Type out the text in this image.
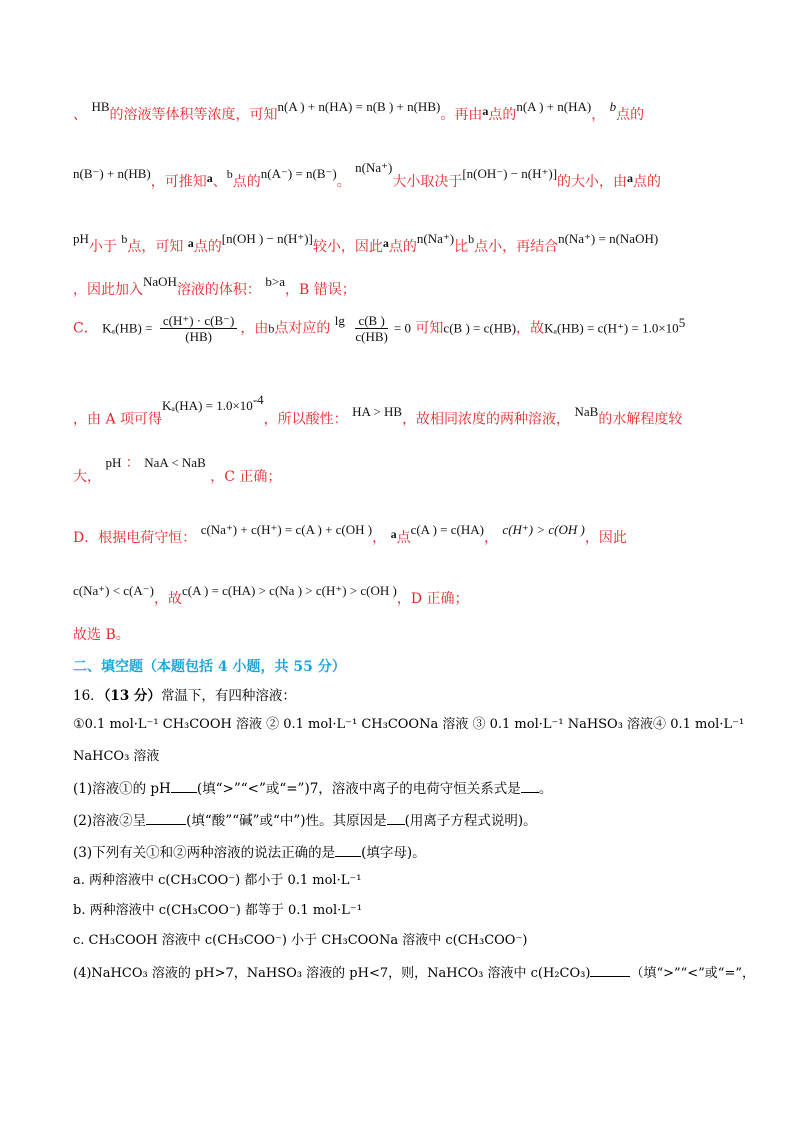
、 HB的溶液等体积等浓度，可知n(A ) + n(HA) = n(B ) + n(HB)。再由a点的n(A ) + n(HA)， b点的
n(B⁻) + n(HB)，可推知a、b点的n(A⁻) = n(B⁻)。 n(Na⁺)大小取决于[n(OH⁻) − n(H⁺)]的大小，由a点的
pH小于 b点，可知 a点的[n(OH ) − n(H⁺)]较小，因此a点的n(Na⁺)比b点小，再结合n(Na⁺) = n(NaOH)
，因此加入NaOH溶液的体积： b>a，B 错误；
C． $K_a(HB) = \frac{c(H^+) \cdot c(B^-)}{(HB)}$ ，由b点对应的 $\lg \frac{c(B )}{c(HB)} = 0$ 可知c(B ) = c(HB)，故$K_a(HB) = c(H^+) = 1.0\times 10^5$
，由 A 项可得$K_a(HA) = 1.0\times 10^{-4}$，所以酸性： HA > HB，故相同浓度的两种溶液， NaB的水解程度较
大， pH ： NaA < NaB ，C 正确；
D．根据电荷守恒： c(Na⁺) + c(H⁺) = c(A ) + c(OH )， a点c(A ) = c(HA)， c(H⁺) > c(OH )，因此
c(Na⁺) < c(A⁻)，故c(A ) = c(HA) > c(Na ) > c(H⁺) > c(OH )，D 正确；
故选 B。
二、填空题（本题包括 4 小题，共 55 分）
16．（13 分）常温下，有四种溶液：
①0.1 mol·L⁻¹ CH₃COOH 溶液 ② 0.1 mol·L⁻¹ CH₃COONa 溶液 ③ 0.1 mol·L⁻¹ NaHSO₃ 溶液④ 0.1 mol·L⁻¹
NaHCO₃ 溶液
(1)溶液①的 pH (填“>”“<”或“=”)7，溶液中离子的电荷守恒关系式是 。
(2)溶液②呈	(填“酸”“碱”或“中”)性。其原因是 (用离子方程式说明)。
(3)下列有关①和②两种溶液的说法正确的是 (填字母)。
a. 两种溶液中 c(CH₃COO⁻) 都小于 0.1 mol·L⁻¹
b. 两种溶液中 c(CH₃COO⁻) 都等于 0.1 mol·L⁻¹
c. CH₃COOH 溶液中 c(CH₃COO⁻) 小于 CH₃COONa 溶液中 c(CH₃COO⁻)
(4)NaHCO₃ 溶液的 pH>7，NaHSO₃ 溶液的 pH<7，则，NaHCO₃ 溶液中 c(H₂CO₃)	（填“>”“<”或“=”，
